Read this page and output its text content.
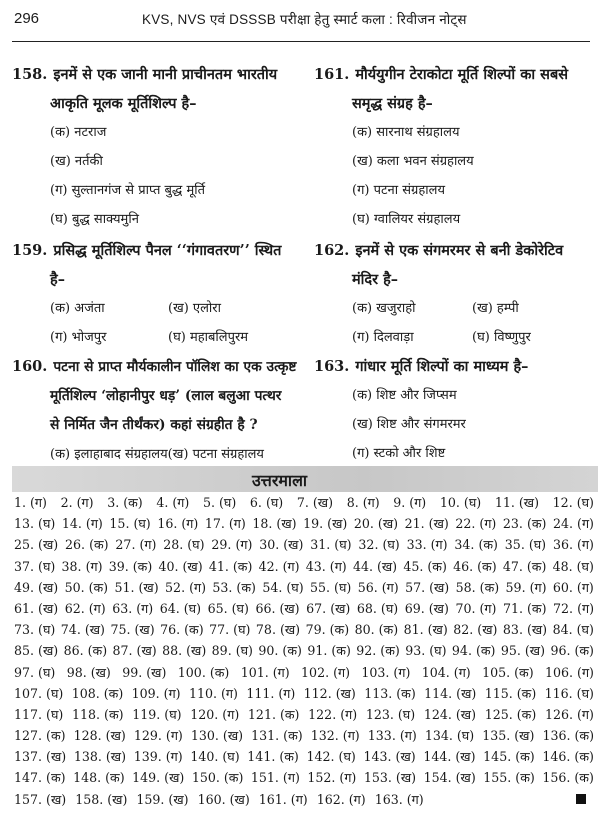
296	KVS, NVS एवं DSSSB परीक्षा हेतु स्मार्ट कला : रिवीजन नोट्स
158. इनमें से एक जानी मानी प्राचीनतम भारतीय
आकृति मूलक मूर्तिशिल्प है–
(क) नटराज
(ख) नर्तकी
(ग) सुल्तानगंज से प्राप्त बुद्ध मूर्ति
(घ) बुद्ध साक्यमुनि
159. प्रसिद्ध मूर्तिशिल्प पैनल ‘‘गंगावतरण’’ स्थित
है–
(क) अजंता	(ख) एलोरा
(ग) भोजपुर	(घ) महाबलिपुरम
160. पटना से प्राप्त मौर्यकालीन पॉलिश का एक उत्कृष्ट
मूर्तिशिल्प ‘लोहानीपुर धड़’ (लाल बलुआ पत्थर
से निर्मित जैन तीर्थंकर) कहां संग्रहीत है ?
(क) इलाहाबाद संग्रहालय(ख) पटना संग्रहालय

161. मौर्ययुगीन टेराकोटा मूर्ति शिल्पों का सबसे
समृद्ध संग्रह है–
(क) सारनाथ संग्रहालय
(ख) कला भवन संग्रहालय
(ग) पटना संग्रहालय
(घ) ग्वालियर संग्रहालय
162. इनमें से एक संगमरमर से बनी डेकोरेटिव
मंदिर है–
(क) खजुराहो	(ख) हम्पी
(ग) दिलवाड़ा	(घ) विष्णुपुर
163. गांधार मूर्ति शिल्पों का माध्यम है–
(क) शिष्ट और जिप्सम
(ख) शिष्ट और संगमरमर
(ग) स्टको और शिष्ट
उत्तरमाला
1. (ग) 2. (ग) 3. (क) 4. (ग) 5. (घ) 6. (घ) 7. (ख) 8. (ग) 9. (ग) 10. (घ) 11. (ख) 12. (घ)
13. (घ) 14. (ग) 15. (घ) 16. (ग) 17. (ग) 18. (ख) 19. (ख) 20. (ख) 21. (ख) 22. (ग) 23. (क) 24. (ग)
25. (ख) 26. (क) 27. (ग) 28. (घ) 29. (ग) 30. (ख) 31. (घ) 32. (घ) 33. (ग) 34. (क) 35. (घ) 36. (ग)
37. (घ) 38. (ग) 39. (क) 40. (ख) 41. (क) 42. (ग) 43. (ग) 44. (ख) 45. (क) 46. (क) 47. (क) 48. (घ)
49. (ख) 50. (क) 51. (ख) 52. (ग) 53. (क) 54. (घ) 55. (घ) 56. (ग) 57. (ख) 58. (क) 59. (ग) 60. (ग)
61. (ख) 62. (ग) 63. (ग) 64. (घ) 65. (घ) 66. (ख) 67. (ख) 68. (घ) 69. (ख) 70. (ग) 71. (क) 72. (ग)
73. (घ) 74. (ख) 75. (ख) 76. (क) 77. (घ) 78. (ख) 79. (क) 80. (क) 81. (ख) 82. (ख) 83. (ख) 84. (घ)
85. (ख) 86. (क) 87. (ख) 88. (ख) 89. (घ) 90. (क) 91. (क) 92. (क) 93. (घ) 94. (क) 95. (ख) 96. (क)
97. (घ) 98. (ख) 99. (ख) 100. (क) 101. (ग) 102. (ग) 103. (ग) 104. (ग) 105. (क) 106. (ग)
107. (घ) 108. (क) 109. (ग) 110. (ग) 111. (ग) 112. (ख) 113. (क) 114. (ख) 115. (क) 116. (घ)
117. (घ) 118. (क) 119. (घ) 120. (ग) 121. (क) 122. (ग) 123. (घ) 124. (ख) 125. (क) 126. (ग)
127. (क) 128. (ख) 129. (ग) 130. (ख) 131. (क) 132. (ग) 133. (ग) 134. (घ) 135. (ख) 136. (क)
137. (ख) 138. (ख) 139. (ग) 140. (घ) 141. (क) 142. (घ) 143. (ख) 144. (ख) 145. (क) 146. (क)
147. (क) 148. (क) 149. (ख) 150. (क) 151. (ग) 152. (ग) 153. (ख) 154. (ख) 155. (क) 156. (क)
157. (ख) 158. (ख) 159. (ख) 160. (ख) 161. (ग) 162. (ग) 163. (ग)
